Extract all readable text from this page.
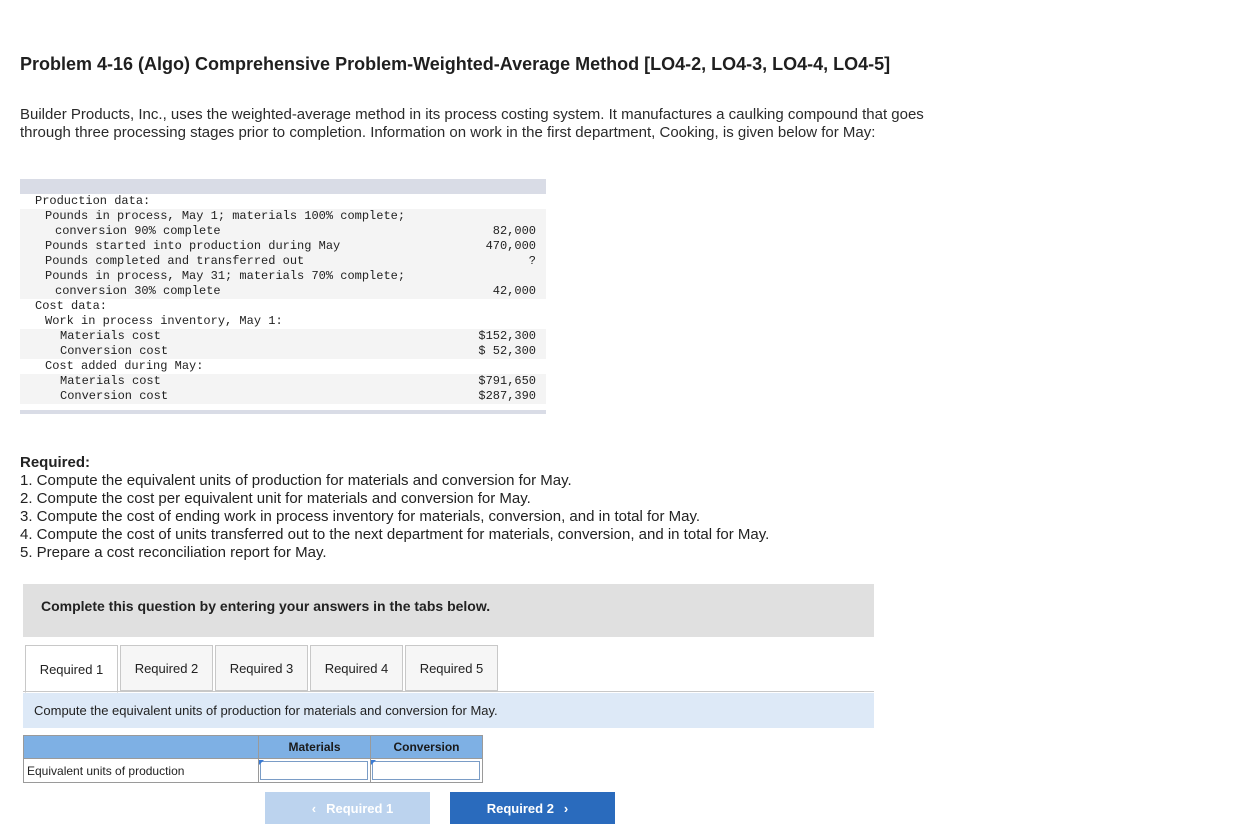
Problem 4-16 (Algo) Comprehensive Problem-Weighted-Average Method [LO4-2, LO4-3, LO4-4, LO4-5]
Builder Products, Inc., uses the weighted-average method in its process costing system. It manufactures a caulking compound that goes through three processing stages prior to completion. Information on work in the first department, Cooking, is given below for May:
Production data:
Pounds in process, May 1; materials 100% complete;
conversion 90% complete	82,000
Pounds started into production during May	470,000
Pounds completed and transferred out	?
Pounds in process, May 31; materials 70% complete;
conversion 30% complete	42,000
Cost data:
Work in process inventory, May 1:
Materials cost	$152,300
Conversion cost	$ 52,300
Cost added during May:
Materials cost	$791,650
Conversion cost	$287,390
Required:
1. Compute the equivalent units of production for materials and conversion for May.
2. Compute the cost per equivalent unit for materials and conversion for May.
3. Compute the cost of ending work in process inventory for materials, conversion, and in total for May.
4. Compute the cost of units transferred out to the next department for materials, conversion, and in total for May.
5. Prepare a cost reconciliation report for May.
Complete this question by entering your answers in the tabs below.
Required 1	Required 2	Required 3	Required 4	Required 5
Compute the equivalent units of production for materials and conversion for May.
	Materials	Conversion
Equivalent units of production	

‹ Required 1	Required 2 ›
